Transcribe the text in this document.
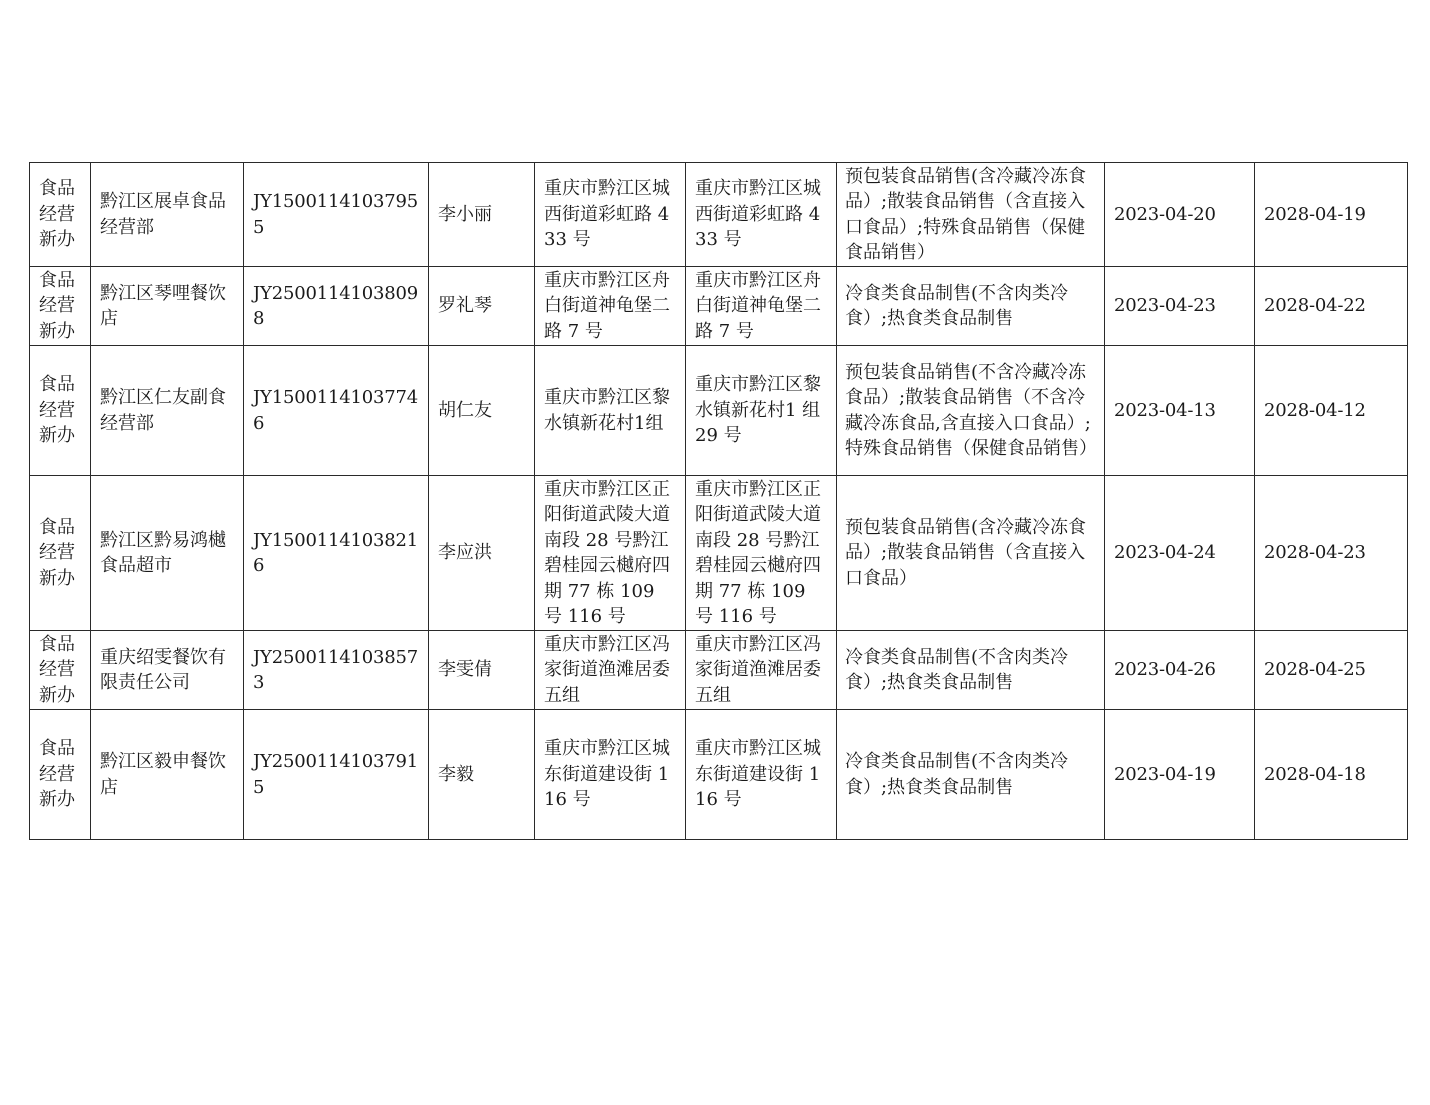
食品经营新办	黔江区展卓食品经营部	JY15001141037955	李小丽	重庆市黔江区城西街道彩虹路 433 号	重庆市黔江区城西街道彩虹路 433 号	预包装食品销售(含冷藏冷冻食品）;散装食品销售（含直接入口食品）;特殊食品销售（保健食品销售）	2023-04-20	2028-04-19
食品经营新办	黔江区琴哩餐饮店	JY25001141038098	罗礼琴	重庆市黔江区舟白街道神龟堡二路 7 号	重庆市黔江区舟白街道神龟堡二路 7 号	冷食类食品制售(不含肉类冷食）;热食类食品制售	2023-04-23	2028-04-22
食品经营新办	黔江区仁友副食经营部	JY15001141037746	胡仁友	重庆市黔江区黎水镇新花村1组	重庆市黔江区黎水镇新花村1 组 29 号	预包装食品销售(不含冷藏冷冻食品）;散装食品销售（不含冷藏冷冻食品,含直接入口食品）;特殊食品销售（保健食品销售）	2023-04-13	2028-04-12
食品经营新办	黔江区黔易鸿樾食品超市	JY15001141038216	李应洪	重庆市黔江区正阳街道武陵大道南段 28 号黔江碧桂园云樾府四期 77 栋 109 号 116 号	重庆市黔江区正阳街道武陵大道南段 28 号黔江碧桂园云樾府四期 77 栋 109 号 116 号	预包装食品销售(含冷藏冷冻食品）;散装食品销售（含直接入口食品）	2023-04-24	2028-04-23
食品经营新办	重庆绍雯餐饮有限责任公司	JY25001141038573	李雯倩	重庆市黔江区冯家街道渔滩居委五组	重庆市黔江区冯家街道渔滩居委五组	冷食类食品制售(不含肉类冷食）;热食类食品制售	2023-04-26	2028-04-25
食品经营新办	黔江区毅申餐饮店	JY25001141037915	李毅	重庆市黔江区城东街道建设街 116 号	重庆市黔江区城东街道建设街 116 号	冷食类食品制售(不含肉类冷食）;热食类食品制售	2023-04-19	2028-04-18
